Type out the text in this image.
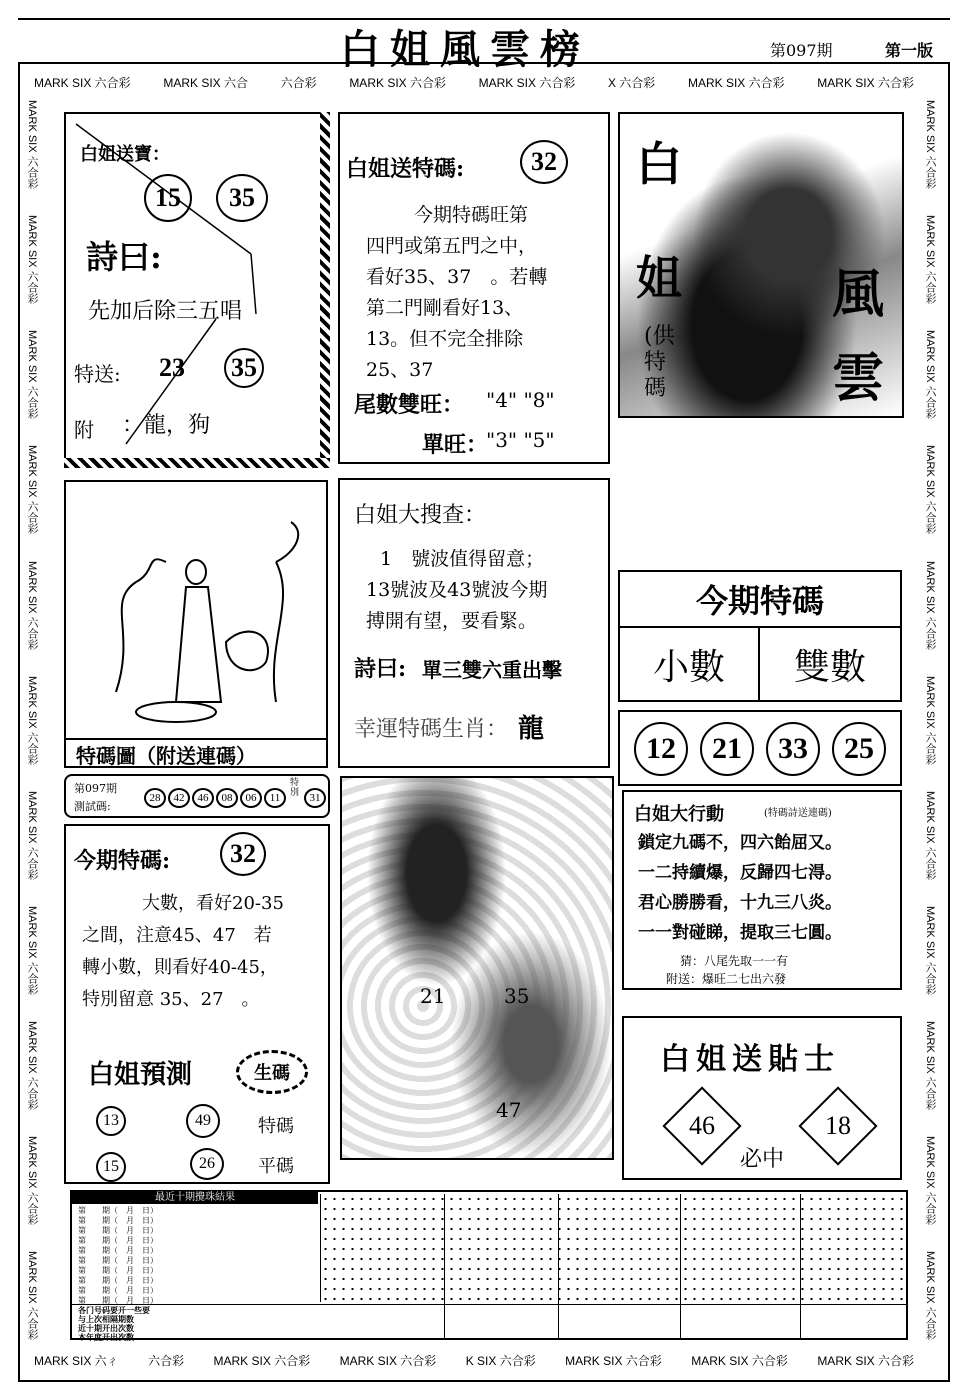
白姐風雲榜	第097期	第一版
MARK SIX 六合彩	MARK SIX 六合	六合彩	MARK SIX 六合彩	MARK SIX 六合彩	X 六合彩	MARK SIX 六合彩	MARK SIX 六合彩
MARK SIX 六ㄔ 六合彩 MARK SIX 六合彩 MARK SIX 六合彩 K SIX 六合彩 MARK SIX 六合彩 MARK SIX 六合彩 MARK SIX 六合彩
MARK SIX 六合彩
MARK SIX 六合彩
MARK SIX 六合彩
MARK SIX 六合彩
MARK SIX 六合彩
MARK SIX 六合彩
MARK SIX 六合彩
MARK SIX 六合彩
MARK SIX 六合彩
MARK SIX 六合彩
MARK SIX 六合彩
MARK SIX 六合彩
MARK SIX 六合彩
MARK SIX 六合彩
MARK SIX 六合彩
MARK SIX 六合彩
MARK SIX 六合彩
MARK SIX 六合彩
MARK SIX 六合彩
MARK SIX 六合彩
MARK SIX 六合彩
MARK SIX 六合彩
白姐送寶：
15	35
詩曰:
先加后除三五唱
特送: 23 35
附 ：龍，狗
白姐送特碼:	32
今期特碼旺第
四門或第五門之中，
看好35、37　。若轉
第二門剛看好13、
13。但不完全排除
25、37
尾數雙旺： "4" "8"
單旺：
"3" "5"
白
姐	風
雲
(供特碼
特碼圖（附送連碼）
白姐大搜查：
1　號波值得留意；
13號波及43號波今期
搏開有望，要看緊。
詩曰: 單三雙六重出擊
幸運特碼生肖： 龍
今期特碼
小數	雙數
12	21	33	25
第097期
測試碼:
28	42	46	08	06	11
特別 31
今期特碼:	32
大數，看好20-35
之間，注意45、47　若
轉小數，則看好40-45，
特別留意 35、27　。
白姐預測	生碼
13	49	特碼
15	26	平碼
21	35
47
白姐大行動	(特碼詩送連碼)
鎖定九碼不，四六飴屈又。
一二持續爆，反歸四七淂。
君心勝勝看，十九三八炎。
一一對碰睇，提取三七圓。
猜：八尾先取一一有
附送：爆旺二七出六發
白姐送貼士
46	18
必中
最近十期攪珠結果
第　　期（　月　日）
第　　期（　月　日）
第　　期（　月　日）
第　　期（　月　日）
第　　期（　月　日）
第　　期（　月　日）
第　　期（　月　日）
第　　期（　月　日）
第　　期（　月　日）
第　　期（　月　日）
各门号码要开一些要
与上次相隔期数
近十期开出次数
本年度开出次数
